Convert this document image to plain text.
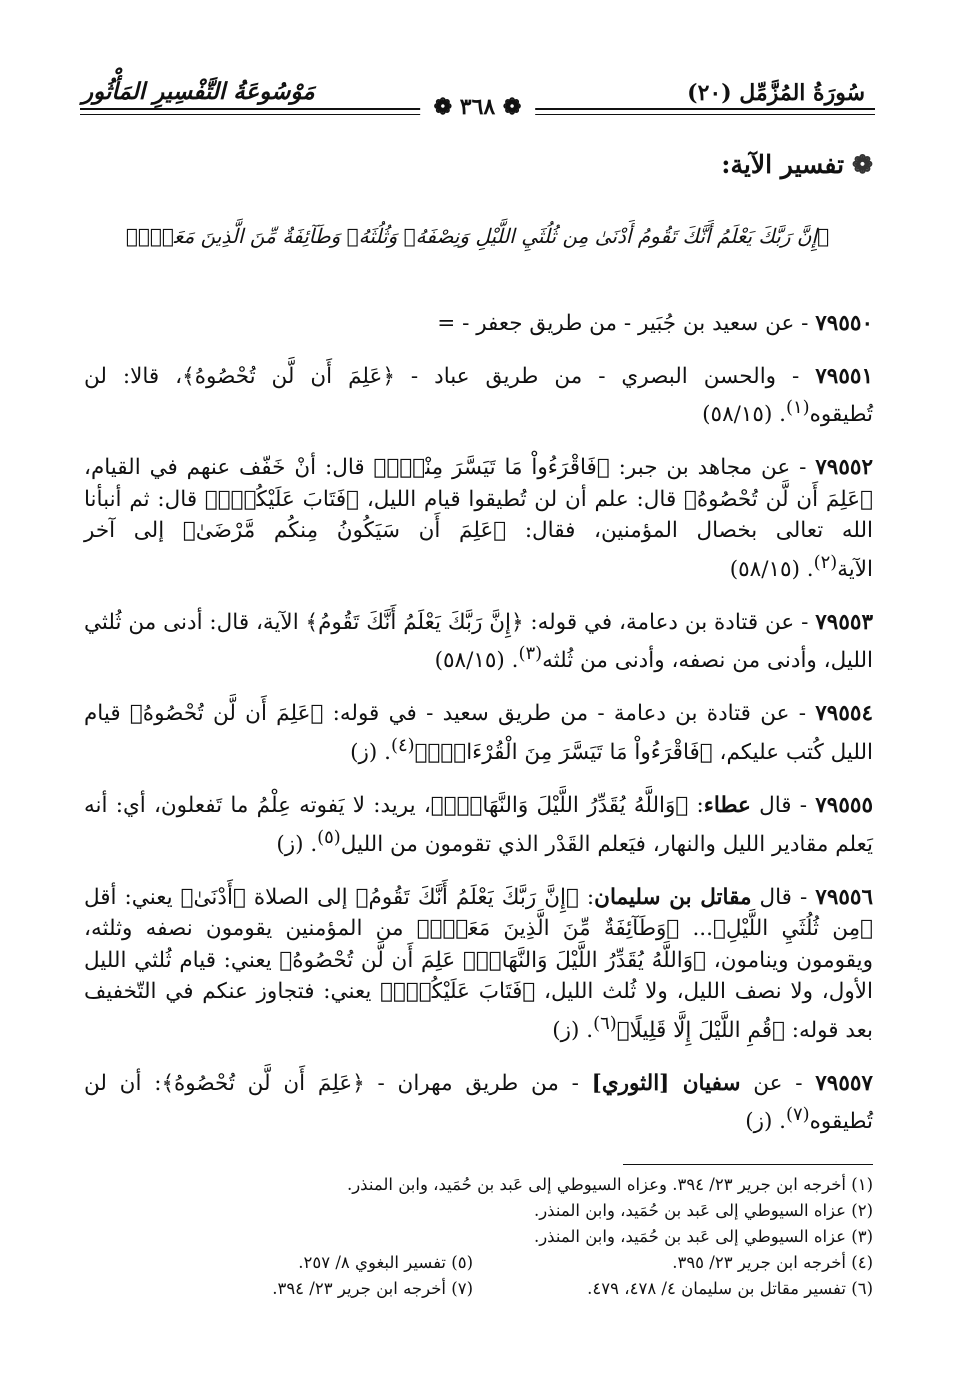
سُورَةُ المُزَّمِّل (٢٠)
مَوْسُوعَةُ التَّفْسِيرِ المَأْثُور
❁ ٣٦٨ ❁
❁تفسير الآية:
﴿إِنَّ رَبَّكَ يَعْلَمُ أَنَّكَ تَقُومُ أَدْنَىٰ مِن ثُلُثَيِ اللَّيْلِ وَنِصْفَهُۥ وَثُلُثَهُۥ وَطَآئِفَةٌ مِّنَ الَّذِينَ مَعَكَۚ﴾

٧٩٥٥٠ - عن سعيد بن جُبَير - من طريق جعفر - =

٧٩٥٥١ - والحسن البصري - من طريق عباد - ﴿عَلِمَ أَن لَّن تُحْصُوهُ﴾، قالا: لن تُطيقوه$^{(١)}$. (٥٨/١٥)

٧٩٥٥٢ - عن مجاهد بن جبر: ﴿فَاقْرَءُواْ مَا تَيَسَّرَ مِنْهُۚ﴾ قال: أنْ خَفّف عنهم في القيام، ﴿عَلِمَ أَن لَّن تُحْصُوهُ﴾ قال: علم أن لن تُطيقوا قيام الليل، ﴿فَتَابَ عَلَيْكُمْۖ﴾ قال: ثم أنبأنا الله تعالى بخصال المؤمنين، فقال: ﴿عَلِمَ أَن سَيَكُونُ مِنكُم مَّرْضَىٰ﴾ إلى آخر الآية$^{(٢)}$. (٥٨/١٥)

٧٩٥٥٣ - عن قتادة بن دعامة، في قوله: ﴿إِنَّ رَبَّكَ يَعْلَمُ أَنَّكَ تَقُومُ﴾ الآية، قال: أدنى من ثُلثي الليل، وأدنى من نصفه، وأدنى من ثُلثه$^{(٣)}$. (٥٨/١٥)

٧٩٥٥٤ - عن قتادة بن دعامة - من طريق سعيد - في قوله: ﴿عَلِمَ أَن لَّن تُحْصُوهُ﴾ قيام الليل كُتب عليكم، ﴿فَاقْرَءُواْ مَا تَيَسَّرَ مِنَ الْقُرْءَانِۚ﴾$^{(٤)}$. (ز)

٧٩٥٥٥ - قال عطاء: ﴿وَاللَّهُ يُقَدِّرُ اللَّيْلَ وَالنَّهَارَۚ﴾، يريد: لا يَفوته عِلْمُ ما تَفعلون، أي: أنه يَعلم مقادير الليل والنهار، فيَعلم القَدْر الذي تقومون من الليل$^{(٥)}$. (ز)

٧٩٥٥٦ - قال مقاتل بن سليمان: ﴿إِنَّ رَبَّكَ يَعْلَمُ أَنَّكَ تَقُومُ﴾ إلى الصلاة ﴿أَدْنَىٰ﴾ يعني: أقل ﴿مِن ثُلُثَيِ اللَّيْلِ﴾... ﴿وَطَآئِفَةٌ مِّنَ الَّذِينَ مَعَكَۚ﴾ من المؤمنين يقومون نصفه وثلثه، ويقومون وينامون، ﴿وَاللَّهُ يُقَدِّرُ اللَّيْلَ وَالنَّهَارَۚ عَلِمَ أَن لَّن تُحْصُوهُ﴾ يعني: قيام ثُلثي الليل الأول، ولا نصف الليل، ولا ثُلث الليل، ﴿فَتَابَ عَلَيْكُمْۖ﴾ يعني: فتجاوز عنكم في التّخفيف بعد قوله: ﴿قُمِ اللَّيْلَ إِلَّا قَلِيلًا﴾$^{(٦)}$. (ز)

٧٩٥٥٧ - عن سفيان [الثوري] - من طريق مهران - ﴿عَلِمَ أَن لَّن تُحْصُوهُ﴾: أن لن تُطيقوه$^{(٧)}$. (ز)

(١) أخرجه ابن جرير ٢٣/ ٣٩٤. وعزاه السيوطي إلى عَبد بن حُمَيد، وابن المنذر.
(٢) عزاه السيوطي إلى عَبد بن حُمَيد، وابن المنذر.
(٣) عزاه السيوطي إلى عَبد بن حُمَيد، وابن المنذر.
(٤) أخرجه ابن جرير ٢٣/ ٣٩٥.
(٥) تفسير البغوي ٨/ ٢٥٧.
(٦) تفسير مقاتل بن سليمان ٤/ ٤٧٨، ٤٧٩.
(٧) أخرجه ابن جرير ٢٣/ ٣٩٤.
